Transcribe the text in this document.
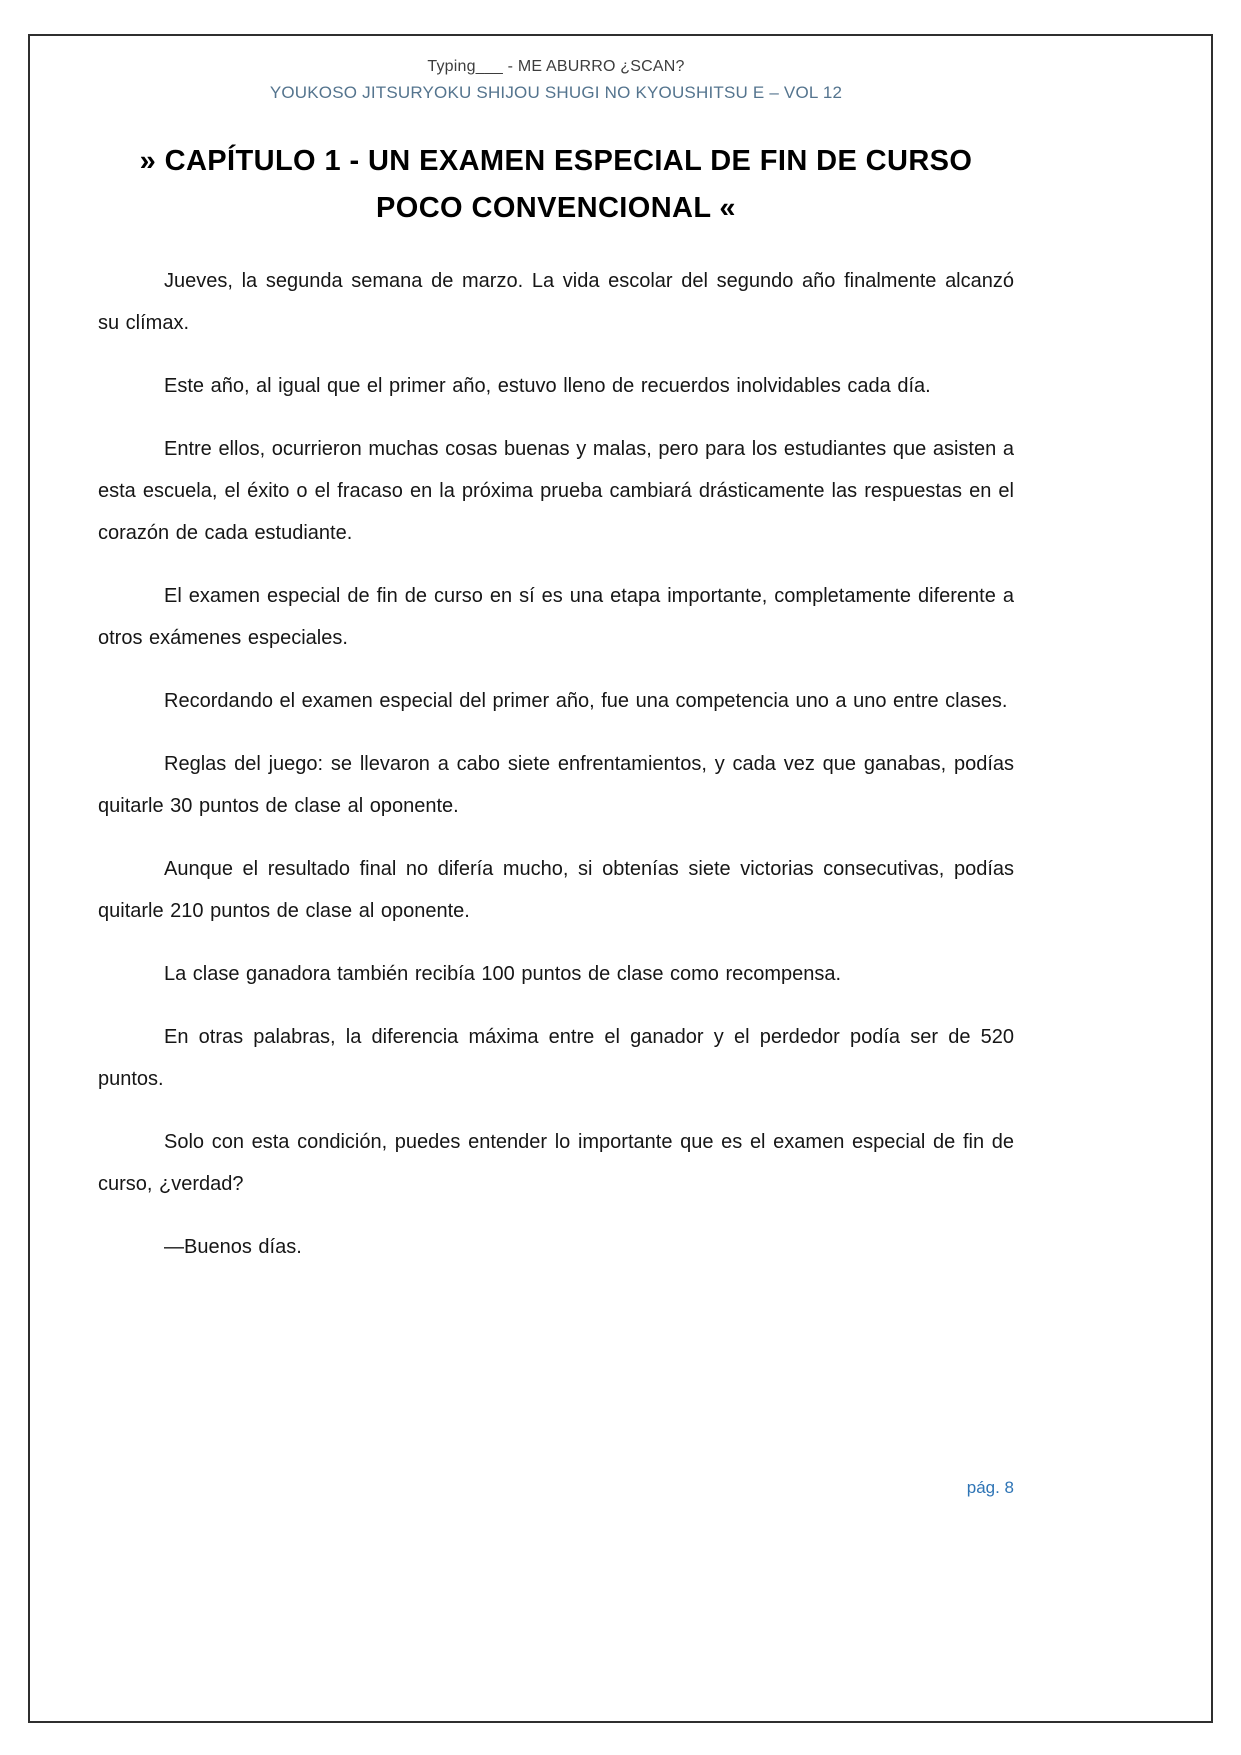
Typing___ - ME ABURRO ¿SCAN?
YOUKOSO JITSURYOKU SHIJOU SHUGI NO KYOUSHITSU E – VOL 12
» CAPÍTULO 1 - UN EXAMEN ESPECIAL DE FIN DE CURSO
POCO CONVENCIONAL «

Jueves, la segunda semana de marzo. La vida escolar del segundo año finalmente alcanzó su clímax.

Este año, al igual que el primer año, estuvo lleno de recuerdos inolvidables cada día.

Entre ellos, ocurrieron muchas cosas buenas y malas, pero para los estudiantes que asisten a esta escuela, el éxito o el fracaso en la próxima prueba cambiará drásticamente las respuestas en el corazón de cada estudiante.

El examen especial de fin de curso en sí es una etapa importante, completamente diferente a otros exámenes especiales.

Recordando el examen especial del primer año, fue una competencia uno a uno entre clases.

Reglas del juego: se llevaron a cabo siete enfrentamientos, y cada vez que ganabas, podías quitarle 30 puntos de clase al oponente.

Aunque el resultado final no difería mucho, si obtenías siete victorias consecutivas, podías quitarle 210 puntos de clase al oponente.

La clase ganadora también recibía 100 puntos de clase como recompensa.

En otras palabras, la diferencia máxima entre el ganador y el perdedor podía ser de 520 puntos.

Solo con esta condición, puedes entender lo importante que es el examen especial de fin de curso, ¿verdad?

—Buenos días.

pág. 8
